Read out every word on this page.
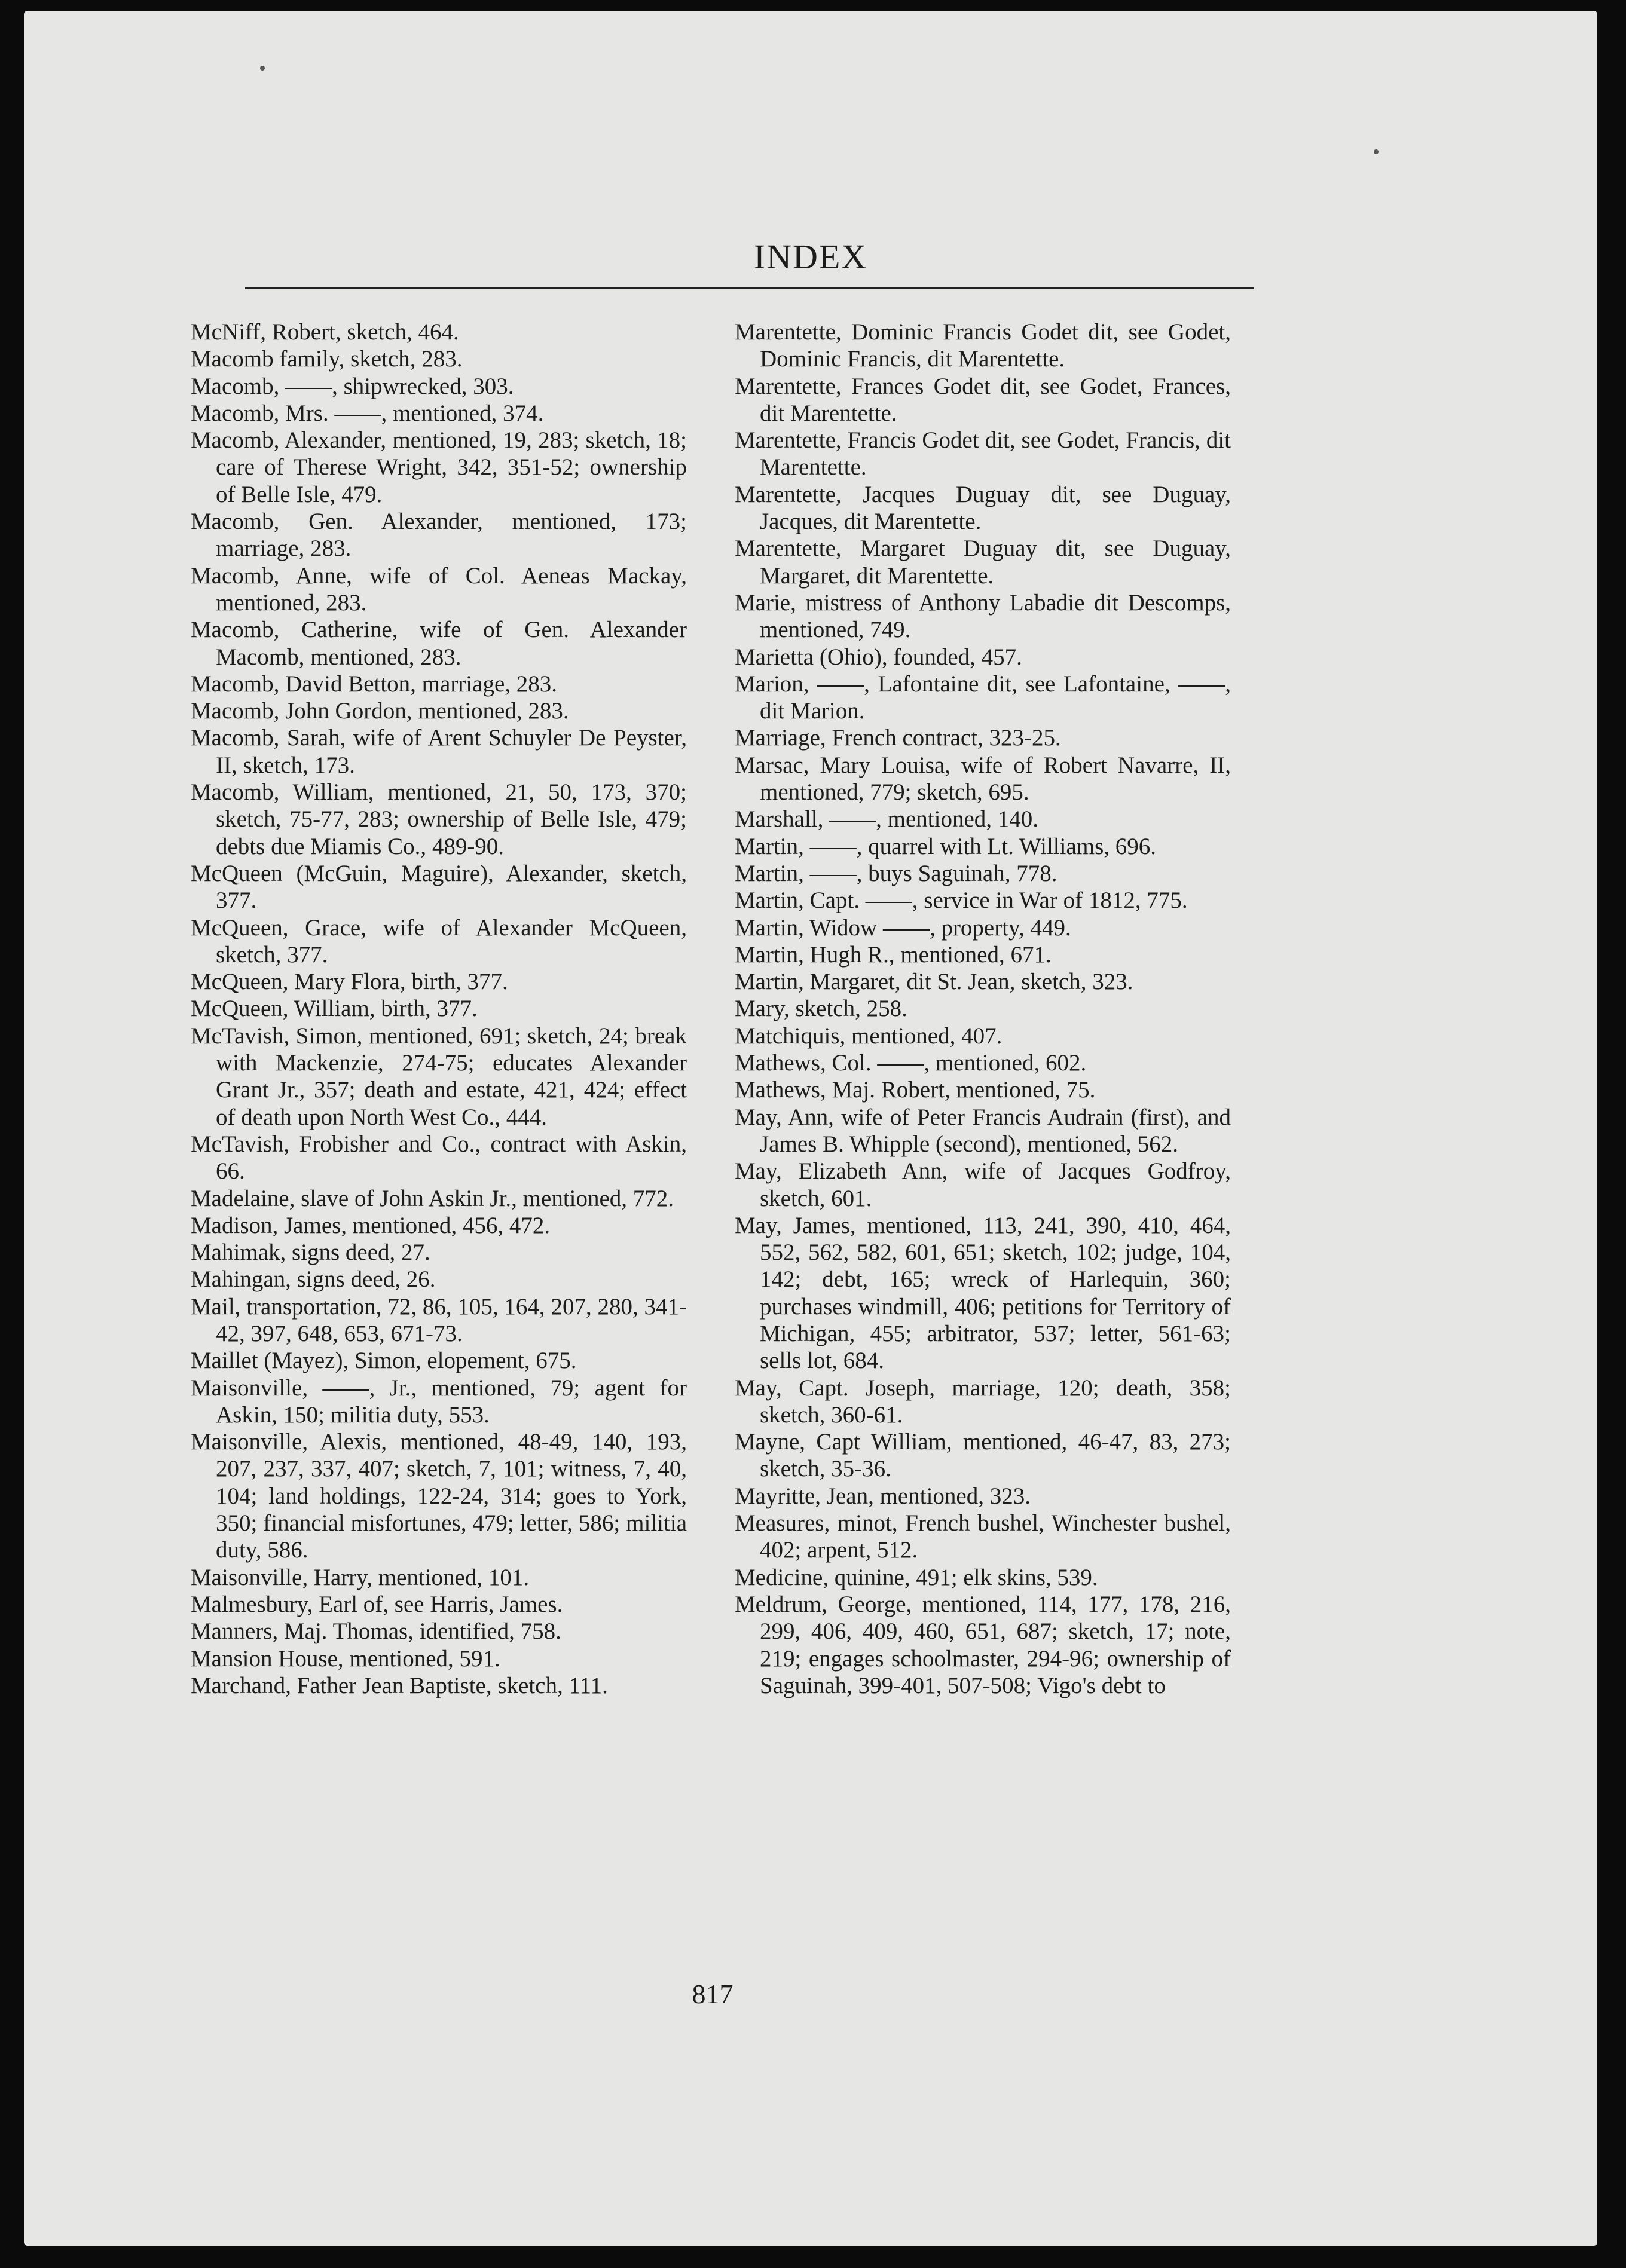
INDEX
McNiff, Robert, sketch, 464.
Macomb family, sketch, 283.
Macomb, ——, shipwrecked, 303.
Macomb, Mrs. ——, mentioned, 374.
Macomb, Alexander, mentioned, 19, 283; sketch, 18; care of Therese Wright, 342, 351-52; ownership of Belle Isle, 479.
Macomb, Gen. Alexander, mentioned, 173; marriage, 283.
Macomb, Anne, wife of Col. Aeneas Mackay, mentioned, 283.
Macomb, Catherine, wife of Gen. Alexander Macomb, mentioned, 283.
Macomb, David Betton, marriage, 283.
Macomb, John Gordon, mentioned, 283.
Macomb, Sarah, wife of Arent Schuyler De Peyster, II, sketch, 173.
Macomb, William, mentioned, 21, 50, 173, 370; sketch, 75-77, 283; ownership of Belle Isle, 479; debts due Miamis Co., 489-90.
McQueen (McGuin, Maguire), Alexander, sketch, 377.
McQueen, Grace, wife of Alexander McQueen, sketch, 377.
McQueen, Mary Flora, birth, 377.
McQueen, William, birth, 377.
McTavish, Simon, mentioned, 691; sketch, 24; break with Mackenzie, 274-75; educates Alexander Grant Jr., 357; death and estate, 421, 424; effect of death upon North West Co., 444.
McTavish, Frobisher and Co., contract with Askin, 66.
Madelaine, slave of John Askin Jr., mentioned, 772.
Madison, James, mentioned, 456, 472.
Mahimak, signs deed, 27.
Mahingan, signs deed, 26.
Mail, transportation, 72, 86, 105, 164, 207, 280, 341-42, 397, 648, 653, 671-73.
Maillet (Mayez), Simon, elopement, 675.
Maisonville, ——, Jr., mentioned, 79; agent for Askin, 150; militia duty, 553.
Maisonville, Alexis, mentioned, 48-49, 140, 193, 207, 237, 337, 407; sketch, 7, 101; witness, 7, 40, 104; land holdings, 122-24, 314; goes to York, 350; financial misfortunes, 479; letter, 586; militia duty, 586.
Maisonville, Harry, mentioned, 101.
Malmesbury, Earl of, see Harris, James.
Manners, Maj. Thomas, identified, 758.
Mansion House, mentioned, 591.
Marchand, Father Jean Baptiste, sketch, 111.
Marentette, Dominic Francis Godet dit, see Godet, Dominic Francis, dit Marentette.
Marentette, Frances Godet dit, see Godet, Frances, dit Marentette.
Marentette, Francis Godet dit, see Godet, Francis, dit Marentette.
Marentette, Jacques Duguay dit, see Duguay, Jacques, dit Marentette.
Marentette, Margaret Duguay dit, see Duguay, Margaret, dit Marentette.
Marie, mistress of Anthony Labadie dit Descomps, mentioned, 749.
Marietta (Ohio), founded, 457.
Marion, ——, Lafontaine dit, see Lafontaine, ——, dit Marion.
Marriage, French contract, 323-25.
Marsac, Mary Louisa, wife of Robert Navarre, II, mentioned, 779; sketch, 695.
Marshall, ——, mentioned, 140.
Martin, ——, quarrel with Lt. Williams, 696.
Martin, ——, buys Saguinah, 778.
Martin, Capt. ——, service in War of 1812, 775.
Martin, Widow ——, property, 449.
Martin, Hugh R., mentioned, 671.
Martin, Margaret, dit St. Jean, sketch, 323.
Mary, sketch, 258.
Matchiquis, mentioned, 407.
Mathews, Col. ——, mentioned, 602.
Mathews, Maj. Robert, mentioned, 75.
May, Ann, wife of Peter Francis Audrain (first), and James B. Whipple (second), mentioned, 562.
May, Elizabeth Ann, wife of Jacques Godfroy, sketch, 601.
May, James, mentioned, 113, 241, 390, 410, 464, 552, 562, 582, 601, 651; sketch, 102; judge, 104, 142; debt, 165; wreck of Harlequin, 360; purchases windmill, 406; petitions for Territory of Michigan, 455; arbitrator, 537; letter, 561-63; sells lot, 684.
May, Capt. Joseph, marriage, 120; death, 358; sketch, 360-61.
Mayne, Capt William, mentioned, 46-47, 83, 273; sketch, 35-36.
Mayritte, Jean, mentioned, 323.
Measures, minot, French bushel, Winchester bushel, 402; arpent, 512.
Medicine, quinine, 491; elk skins, 539.
Meldrum, George, mentioned, 114, 177, 178, 216, 299, 406, 409, 460, 651, 687; sketch, 17; note, 219; engages schoolmaster, 294-96; ownership of Saguinah, 399-401, 507-508; Vigo's debt to
817
